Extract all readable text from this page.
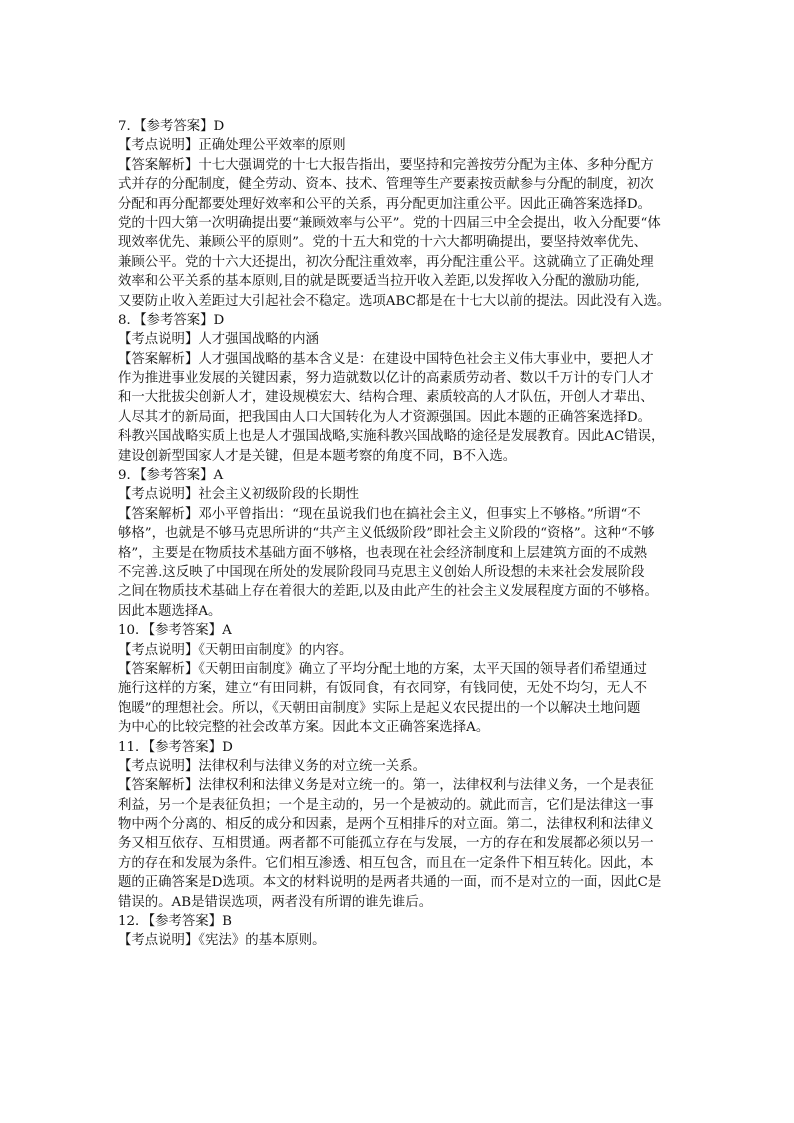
7．【参考答案】D
【考点说明】正确处理公平效率的原则
【答案解析】十七大强调党的十七大报告指出，要坚持和完善按劳分配为主体、多种分配方
式并存的分配制度，健全劳动、资本、技术、管理等生产要素按贡献参与分配的制度，初次
分配和再分配都要处理好效率和公平的关系，再分配更加注重公平。因此正确答案选择D。
党的十四大第一次明确提出要“兼顾效率与公平”。党的十四届三中全会提出，收入分配要“体
现效率优先、兼顾公平的原则”。党的十五大和党的十六大都明确提出，要坚持效率优先、
兼顾公平。党的十六大还提出，初次分配注重效率，再分配注重公平。这就确立了正确处理
效率和公平关系的基本原则,目的就是既要适当拉开收入差距,以发挥收入分配的激励功能,
又要防止收入差距过大引起社会不稳定。选项ABC都是在十七大以前的提法。因此没有入选。
8．【参考答案】D
【考点说明】人才强国战略的内涵
【答案解析】人才强国战略的基本含义是：在建设中国特色社会主义伟大事业中，要把人才
作为推进事业发展的关键因素，努力造就数以亿计的高素质劳动者、数以千万计的专门人才
和一大批拔尖创新人才，建设规模宏大、结构合理、素质较高的人才队伍，开创人才辈出、
人尽其才的新局面，把我国由人口大国转化为人才资源强国。因此本题的正确答案选择D。
科教兴国战略实质上也是人才强国战略,实施科教兴国战略的途径是发展教育。因此AC错误，
建设创新型国家人才是关键，但是本题考察的角度不同，B不入选。
9．【参考答案】A
【考点说明】社会主义初级阶段的长期性
【答案解析】邓小平曾指出：“现在虽说我们也在搞社会主义，但事实上不够格。”所谓“不
够格”，也就是不够马克思所讲的“共产主义低级阶段”即社会主义阶段的“资格”。这种“不够
格”，主要是在物质技术基础方面不够格，也表现在社会经济制度和上层建筑方面的不成熟
不完善.这反映了中国现在所处的发展阶段同马克思主义创始人所设想的未来社会发展阶段
之间在物质技术基础上存在着很大的差距,以及由此产生的社会主义发展程度方面的不够格。
因此本题选择A。
10．【参考答案】A
【考点说明】《天朝田亩制度》的内容。
【答案解析】《天朝田亩制度》确立了平均分配土地的方案，太平天国的领导者们希望通过
施行这样的方案，建立“有田同耕，有饭同食，有衣同穿，有钱同使，无处不均匀，无人不
饱暖”的理想社会。所以，《天朝田亩制度》实际上是起义农民提出的一个以解决土地问题
为中心的比较完整的社会改革方案。因此本文正确答案选择A。
11．【参考答案】D
【考点说明】法律权利与法律义务的对立统一关系。
【答案解析】法律权利和法律义务是对立统一的。第一，法律权利与法律义务，一个是表征
利益，另一个是表征负担；一个是主动的，另一个是被动的。就此而言，它们是法律这一事
物中两个分离的、相反的成分和因素，是两个互相排斥的对立面。第二，法律权利和法律义
务又相互依存、互相贯通。两者都不可能孤立存在与发展，一方的存在和发展都必须以另一
方的存在和发展为条件。它们相互渗透、相互包含，而且在一定条件下相互转化。因此，本
题的正确答案是D选项。本文的材料说明的是两者共通的一面，而不是对立的一面，因此C是
错误的。AB是错误选项，两者没有所谓的谁先谁后。
12．【参考答案】B
【考点说明】《宪法》的基本原则。
